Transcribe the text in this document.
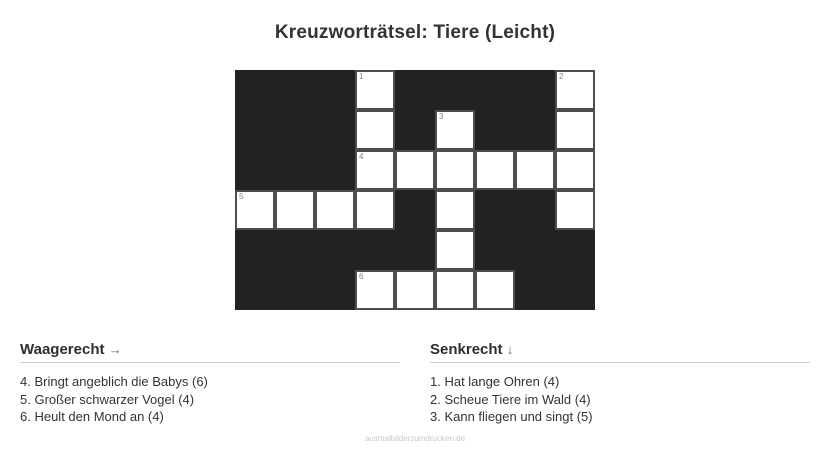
Kreuzworträtsel: Tiere (Leicht)
1	2
3
4
5
6
Waagerecht →
4. Bringt angeblich die Babys (6)
5. Großer schwarzer Vogel (4)
6. Heult den Mond an (4)
Senkrecht ↓
1. Hat lange Ohren (4)
2. Scheue Tiere im Wald (4)
3. Kann fliegen und singt (5)
ausmalbilderzumdrucken.de
